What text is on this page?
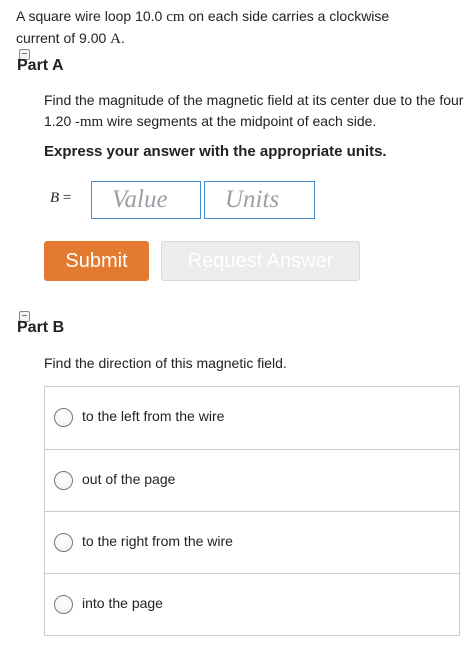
A square wire loop 10.0 cm on each side carries a clockwise
current of 9.00 A.
−
Part A
Find the magnitude of the magnetic field at its center due to the four 1.20 -mm wire segments at the midpoint of each side.
Express your answer with the appropriate units.
B =	Value	Units
Submit	Request Answer
−
Part B
Find the direction of this magnetic field.
to the left from the wire
out of the page
to the right from the wire
into the page
